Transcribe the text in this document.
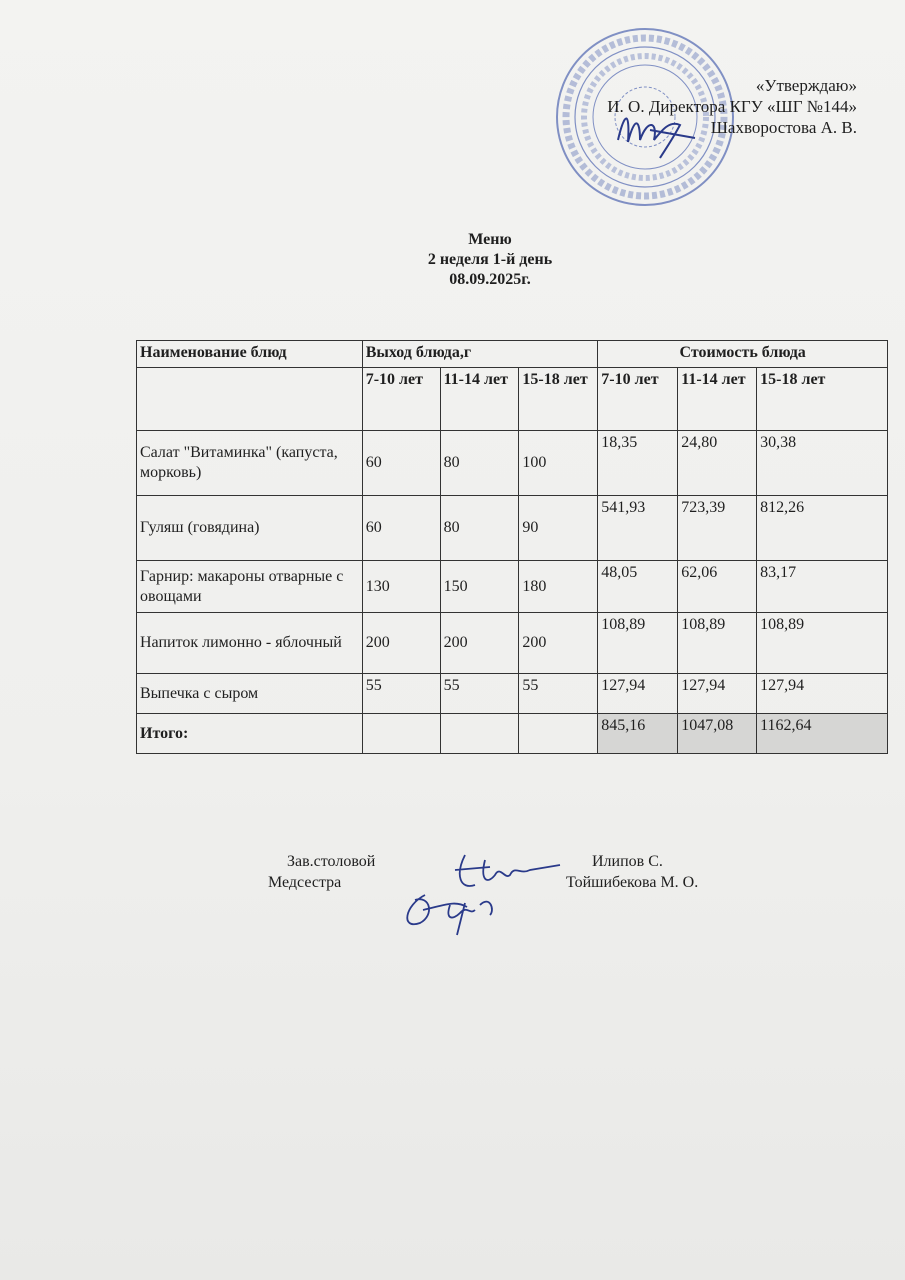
«Утверждаю»
И. О. Директора КГУ «ШГ №144»
Шахворостова А. В.
Меню
2 неделя 1-й день
08.09.2025г.
Наименование блюд	Выход блюда,г			Стоимость блюда		
	7-10 лет	11-14 лет	15-18 лет	7-10 лет	11-14 лет	15-18 лет
Салат "Витаминка" (капуста, морковь)	60	80	100	18,35	24,80	30,38
Гуляш (говядина)	60	80	90	541,93	723,39	812,26
Гарнир: макароны отварные с овощами	130	150	180	48,05	62,06	83,17
Напиток лимонно - яблочный	200	200	200	108,89	108,89	108,89
Выпечка с сыром	55	55	55	127,94	127,94	127,94
Итого:				845,16	1047,08	1162,64
Зав.столовой	Илипов С.
Медсестра	Тойшибекова М. О.
